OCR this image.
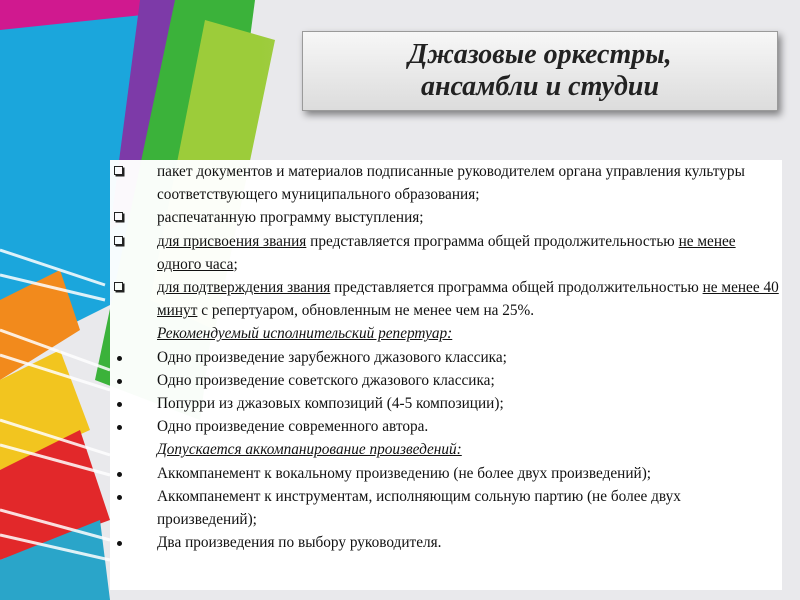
Джазовые оркестры,
ансамбли и студии
пакет документов и материалов подписанные руководителем органа управления культуры соответствующего муниципального образования;
распечатанную программу выступления;
для присвоения звания представляется программа общей продолжительностью не менее одного часа;
для подтверждения звания представляется программа общей продолжительностью не менее 40 минут с репертуаром, обновленным не менее чем на 25%.
Рекомендуемый исполнительский репертуар:
Одно произведение зарубежного джазового классика;
Одно произведение советского джазового классика;
Попурри из джазовых композиций (4-5 композиции);
Одно произведение современного автора.
Допускается аккомпанирование произведений:
Аккомпанемент к вокальному произведению (не более двух произведений);
Аккомпанемент к инструментам, исполняющим сольную партию (не более двух произведений);
Два произведения по выбору руководителя.
